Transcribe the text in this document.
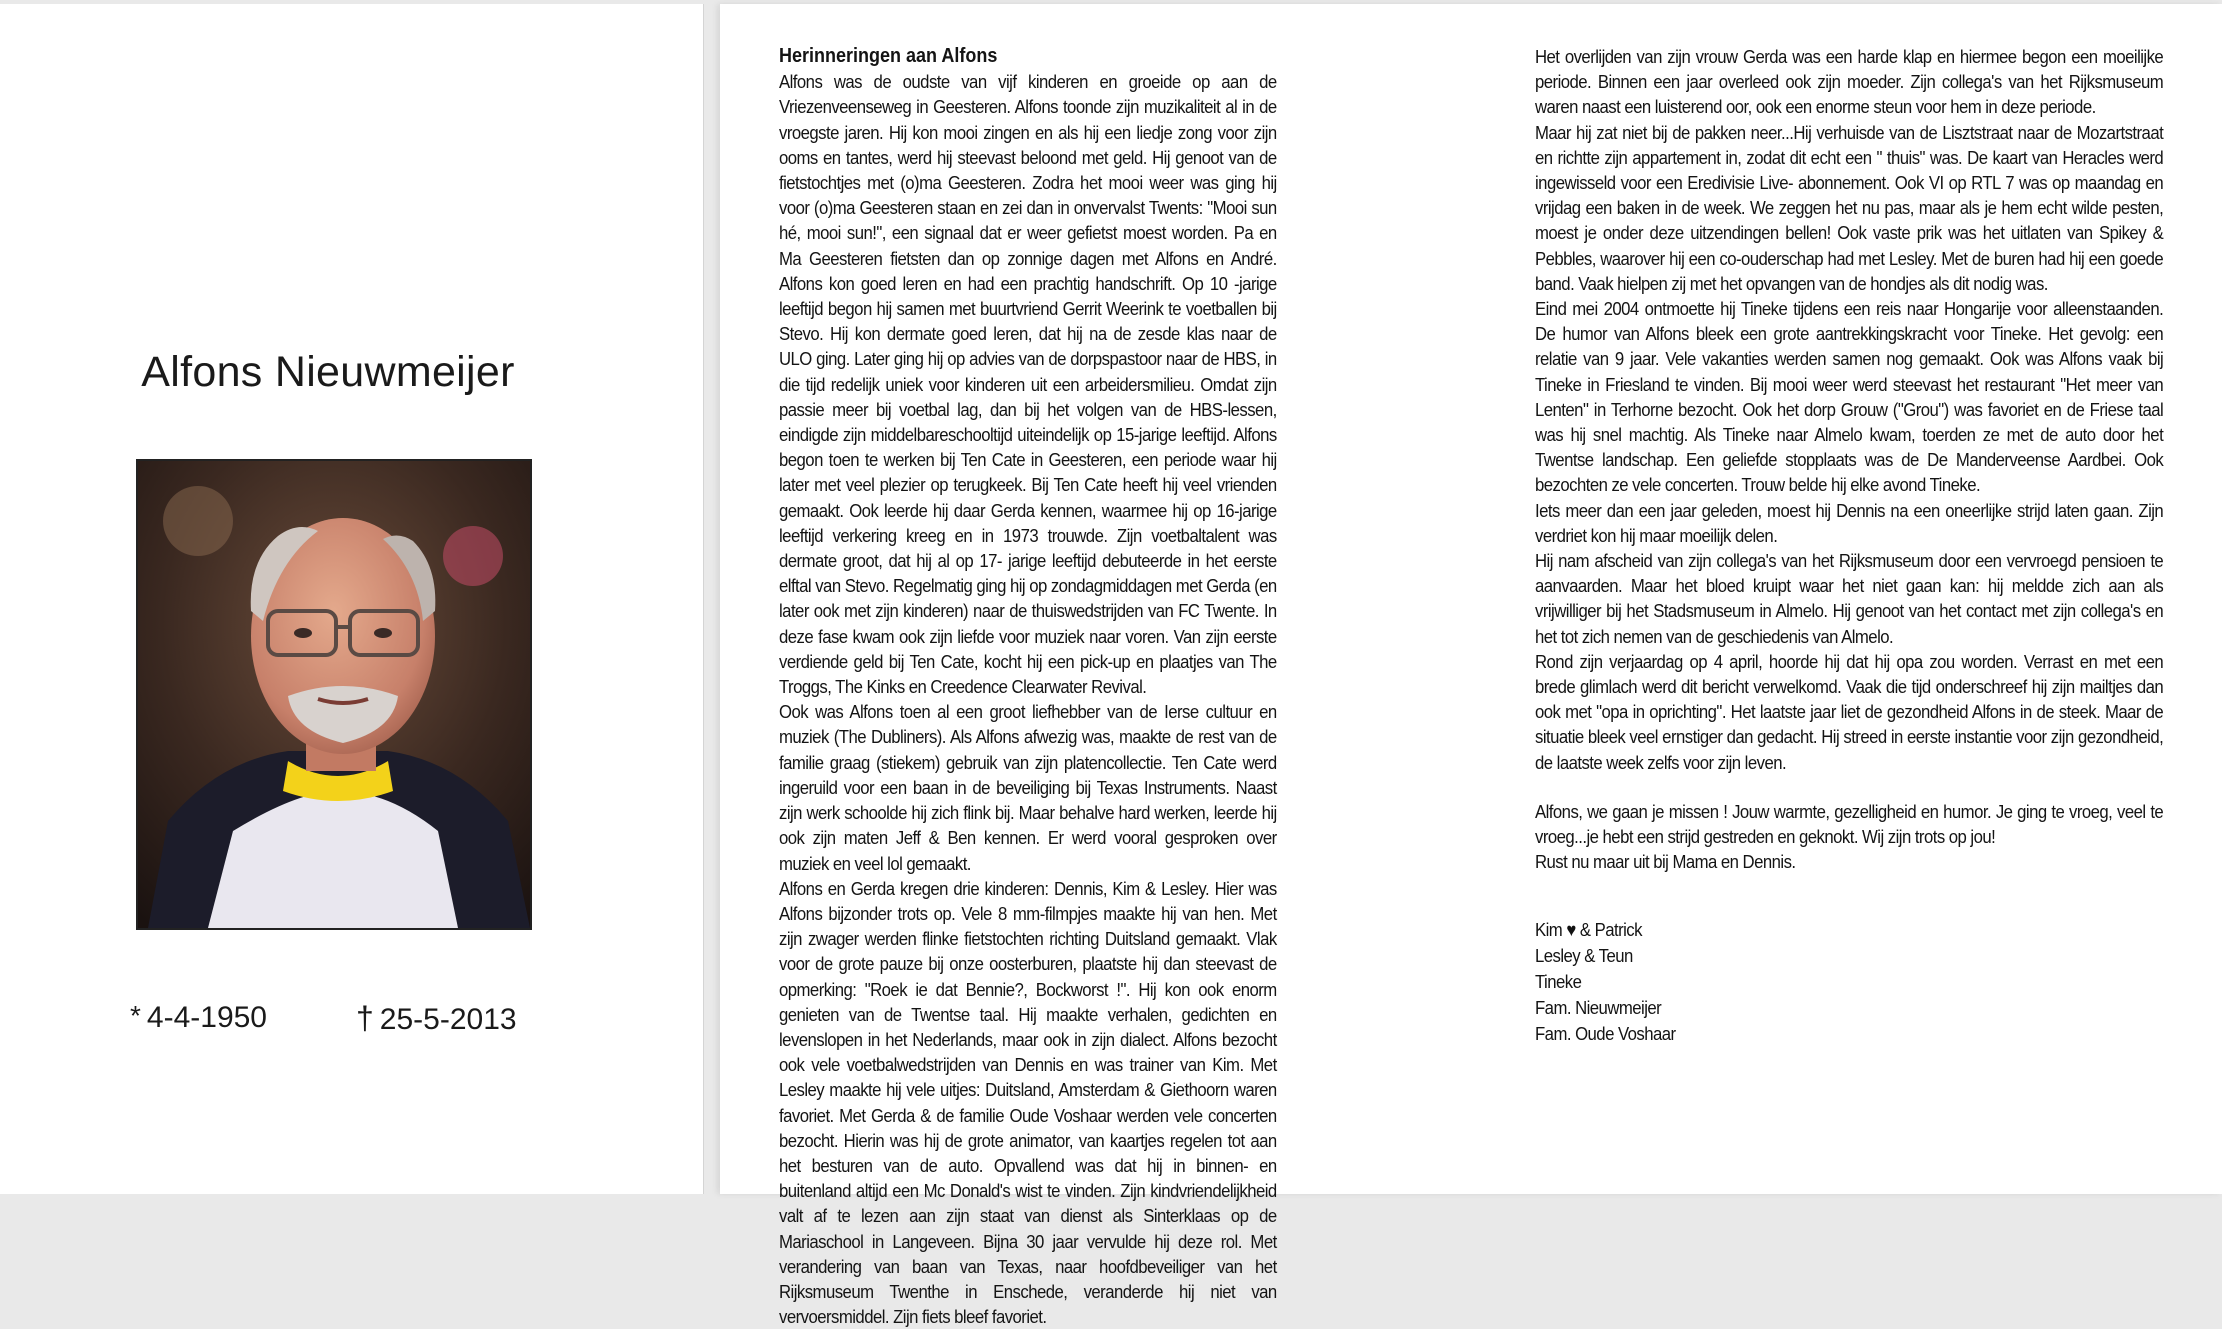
Alfons Nieuwmeijer
* 4-4-1950	† 25-5-2013
Herinneringen aan Alfons

Alfons was de oudste van vijf kinderen en groeide op aan de Vriezenveenseweg in Geesteren. Alfons toonde zijn muzikaliteit al in de vroegste jaren. Hij kon mooi zingen en als hij een liedje zong voor zijn ooms en tantes, werd hij steevast beloond met geld. Hij genoot van de fietstochtjes met (o)ma Geesteren. Zodra het mooi weer was ging hij voor (o)ma Geesteren staan en zei dan in onvervalst Twents: "Mooi sun hé, mooi sun!", een signaal dat er weer gefietst moest worden. Pa en Ma Geesteren fietsten dan op zonnige dagen met Alfons en André. Alfons kon goed leren en had een prachtig handschrift. Op 10 -jarige leeftijd begon hij samen met buurtvriend Gerrit Weerink te voetballen bij Stevo. Hij kon dermate goed leren, dat hij na de zesde klas naar de ULO ging. Later ging hij op advies van de dorpspastoor naar de HBS, in die tijd redelijk uniek voor kinderen uit een arbeidersmilieu. Omdat zijn passie meer bij voetbal lag, dan bij het volgen van de HBS-lessen, eindigde zijn middelbareschooltijd uiteindelijk op 15-jarige leeftijd. Alfons begon toen te werken bij Ten Cate in Geesteren, een periode waar hij later met veel plezier op terugkeek. Bij Ten Cate heeft hij veel vrienden gemaakt. Ook leerde hij daar Gerda kennen, waarmee hij op 16-jarige leeftijd verkering kreeg en in 1973 trouwde. Zijn voetbaltalent was dermate groot, dat hij al op 17- jarige leeftijd debuteerde in het eerste elftal van Stevo. Regelmatig ging hij op zondagmiddagen met Gerda (en later ook met zijn kinderen) naar de thuiswedstrijden van FC Twente. In deze fase kwam ook zijn liefde voor muziek naar voren. Van zijn eerste verdiende geld bij Ten Cate, kocht hij een pick-up en plaatjes van The Troggs, The Kinks en Creedence Clearwater Revival.

Ook was Alfons toen al een groot liefhebber van de Ierse cultuur en muziek (The Dubliners). Als Alfons afwezig was, maakte de rest van de familie graag (stiekem) gebruik van zijn platencollectie. Ten Cate werd ingeruild voor een baan in de beveiliging bij Texas Instruments. Naast zijn werk schoolde hij zich flink bij. Maar behalve hard werken, leerde hij ook zijn maten Jeff & Ben kennen. Er werd vooral gesproken over muziek en veel lol gemaakt.

Alfons en Gerda kregen drie kinderen: Dennis, Kim & Lesley. Hier was Alfons bijzonder trots op. Vele 8 mm-filmpjes maakte hij van hen. Met zijn zwager werden flinke fietstochten richting Duitsland gemaakt. Vlak voor de grote pauze bij onze oosterburen, plaatste hij dan steevast de opmerking: "Roek ie dat Bennie?, Bockworst !". Hij kon ook enorm genieten van de Twentse taal. Hij maakte verhalen, gedichten en levenslopen in het Nederlands, maar ook in zijn dialect. Alfons bezocht ook vele voetbalwedstrijden van Dennis en was trainer van Kim. Met Lesley maakte hij vele uitjes: Duitsland, Amsterdam & Giethoorn waren favoriet. Met Gerda & de familie Oude Voshaar werden vele concerten bezocht. Hierin was hij de grote animator, van kaartjes regelen tot aan het besturen van de auto. Opvallend was dat hij in binnen- en buitenland altijd een Mc Donald's wist te vinden. Zijn kindvriendelijkheid valt af te lezen aan zijn staat van dienst als Sinterklaas op de Mariaschool in Langeveen. Bijna 30 jaar vervulde hij deze rol. Met verandering van baan van Texas, naar hoofdbeveiliger van het Rijksmuseum Twenthe in Enschede, veranderde hij niet van vervoersmiddel. Zijn fiets bleef favoriet.

Het overlijden van zijn vrouw Gerda was een harde klap en hiermee begon een moeilijke periode. Binnen een jaar overleed ook zijn moeder. Zijn collega's van het Rijksmuseum waren naast een luisterend oor, ook een enorme steun voor hem in deze periode.

Maar hij zat niet bij de pakken neer...Hij verhuisde van de Lisztstraat naar de Mozartstraat en richtte zijn appartement in, zodat dit echt een " thuis" was. De kaart van Heracles werd ingewisseld voor een Eredivisie Live- abonnement. Ook VI op RTL 7 was op maandag en vrijdag een baken in de week. We zeggen het nu pas, maar als je hem echt wilde pesten, moest je onder deze uitzendingen bellen! Ook vaste prik was het uitlaten van Spikey & Pebbles, waarover hij een co-ouderschap had met Lesley. Met de buren had hij een goede band. Vaak hielpen zij met het opvangen van de hondjes als dit nodig was.

Eind mei 2004 ontmoette hij Tineke tijdens een reis naar Hongarije voor alleenstaanden. De humor van Alfons bleek een grote aantrekkingskracht voor Tineke. Het gevolg: een relatie van 9 jaar. Vele vakanties werden samen nog gemaakt. Ook was Alfons vaak bij Tineke in Friesland te vinden. Bij mooi weer werd steevast het restaurant "Het meer van Lenten" in Terhorne bezocht. Ook het dorp Grouw ("Grou") was favoriet en de Friese taal was hij snel machtig. Als Tineke naar Almelo kwam, toerden ze met de auto door het Twentse landschap. Een geliefde stopplaats was de De Manderveense Aardbei. Ook bezochten ze vele concerten. Trouw belde hij elke avond Tineke.

Iets meer dan een jaar geleden, moest hij Dennis na een oneerlijke strijd laten gaan. Zijn verdriet kon hij maar moeilijk delen.

Hij nam afscheid van zijn collega's van het Rijksmuseum door een vervroegd pensioen te aanvaarden. Maar het bloed kruipt waar het niet gaan kan: hij meldde zich aan als vrijwilliger bij het Stadsmuseum in Almelo. Hij genoot van het contact met zijn collega's en het tot zich nemen van de geschiedenis van Almelo.

Rond zijn verjaardag op 4 april, hoorde hij dat hij opa zou worden. Verrast en met een brede glimlach werd dit bericht verwelkomd. Vaak die tijd onderschreef hij zijn mailtjes dan ook met "opa in oprichting". Het laatste jaar liet de gezondheid Alfons in de steek. Maar de situatie bleek veel ernstiger dan gedacht. Hij streed in eerste instantie voor zijn gezondheid, de laatste week zelfs voor zijn leven.

Alfons, we gaan je missen ! Jouw warmte, gezelligheid en humor. Je ging te vroeg, veel te vroeg...je hebt een strijd gestreden en geknokt. Wij zijn trots op jou!

Rust nu maar uit bij Mama en Dennis.

Kim ♥ & Patrick
Lesley & Teun
Tineke
Fam. Nieuwmeijer
Fam. Oude Voshaar
